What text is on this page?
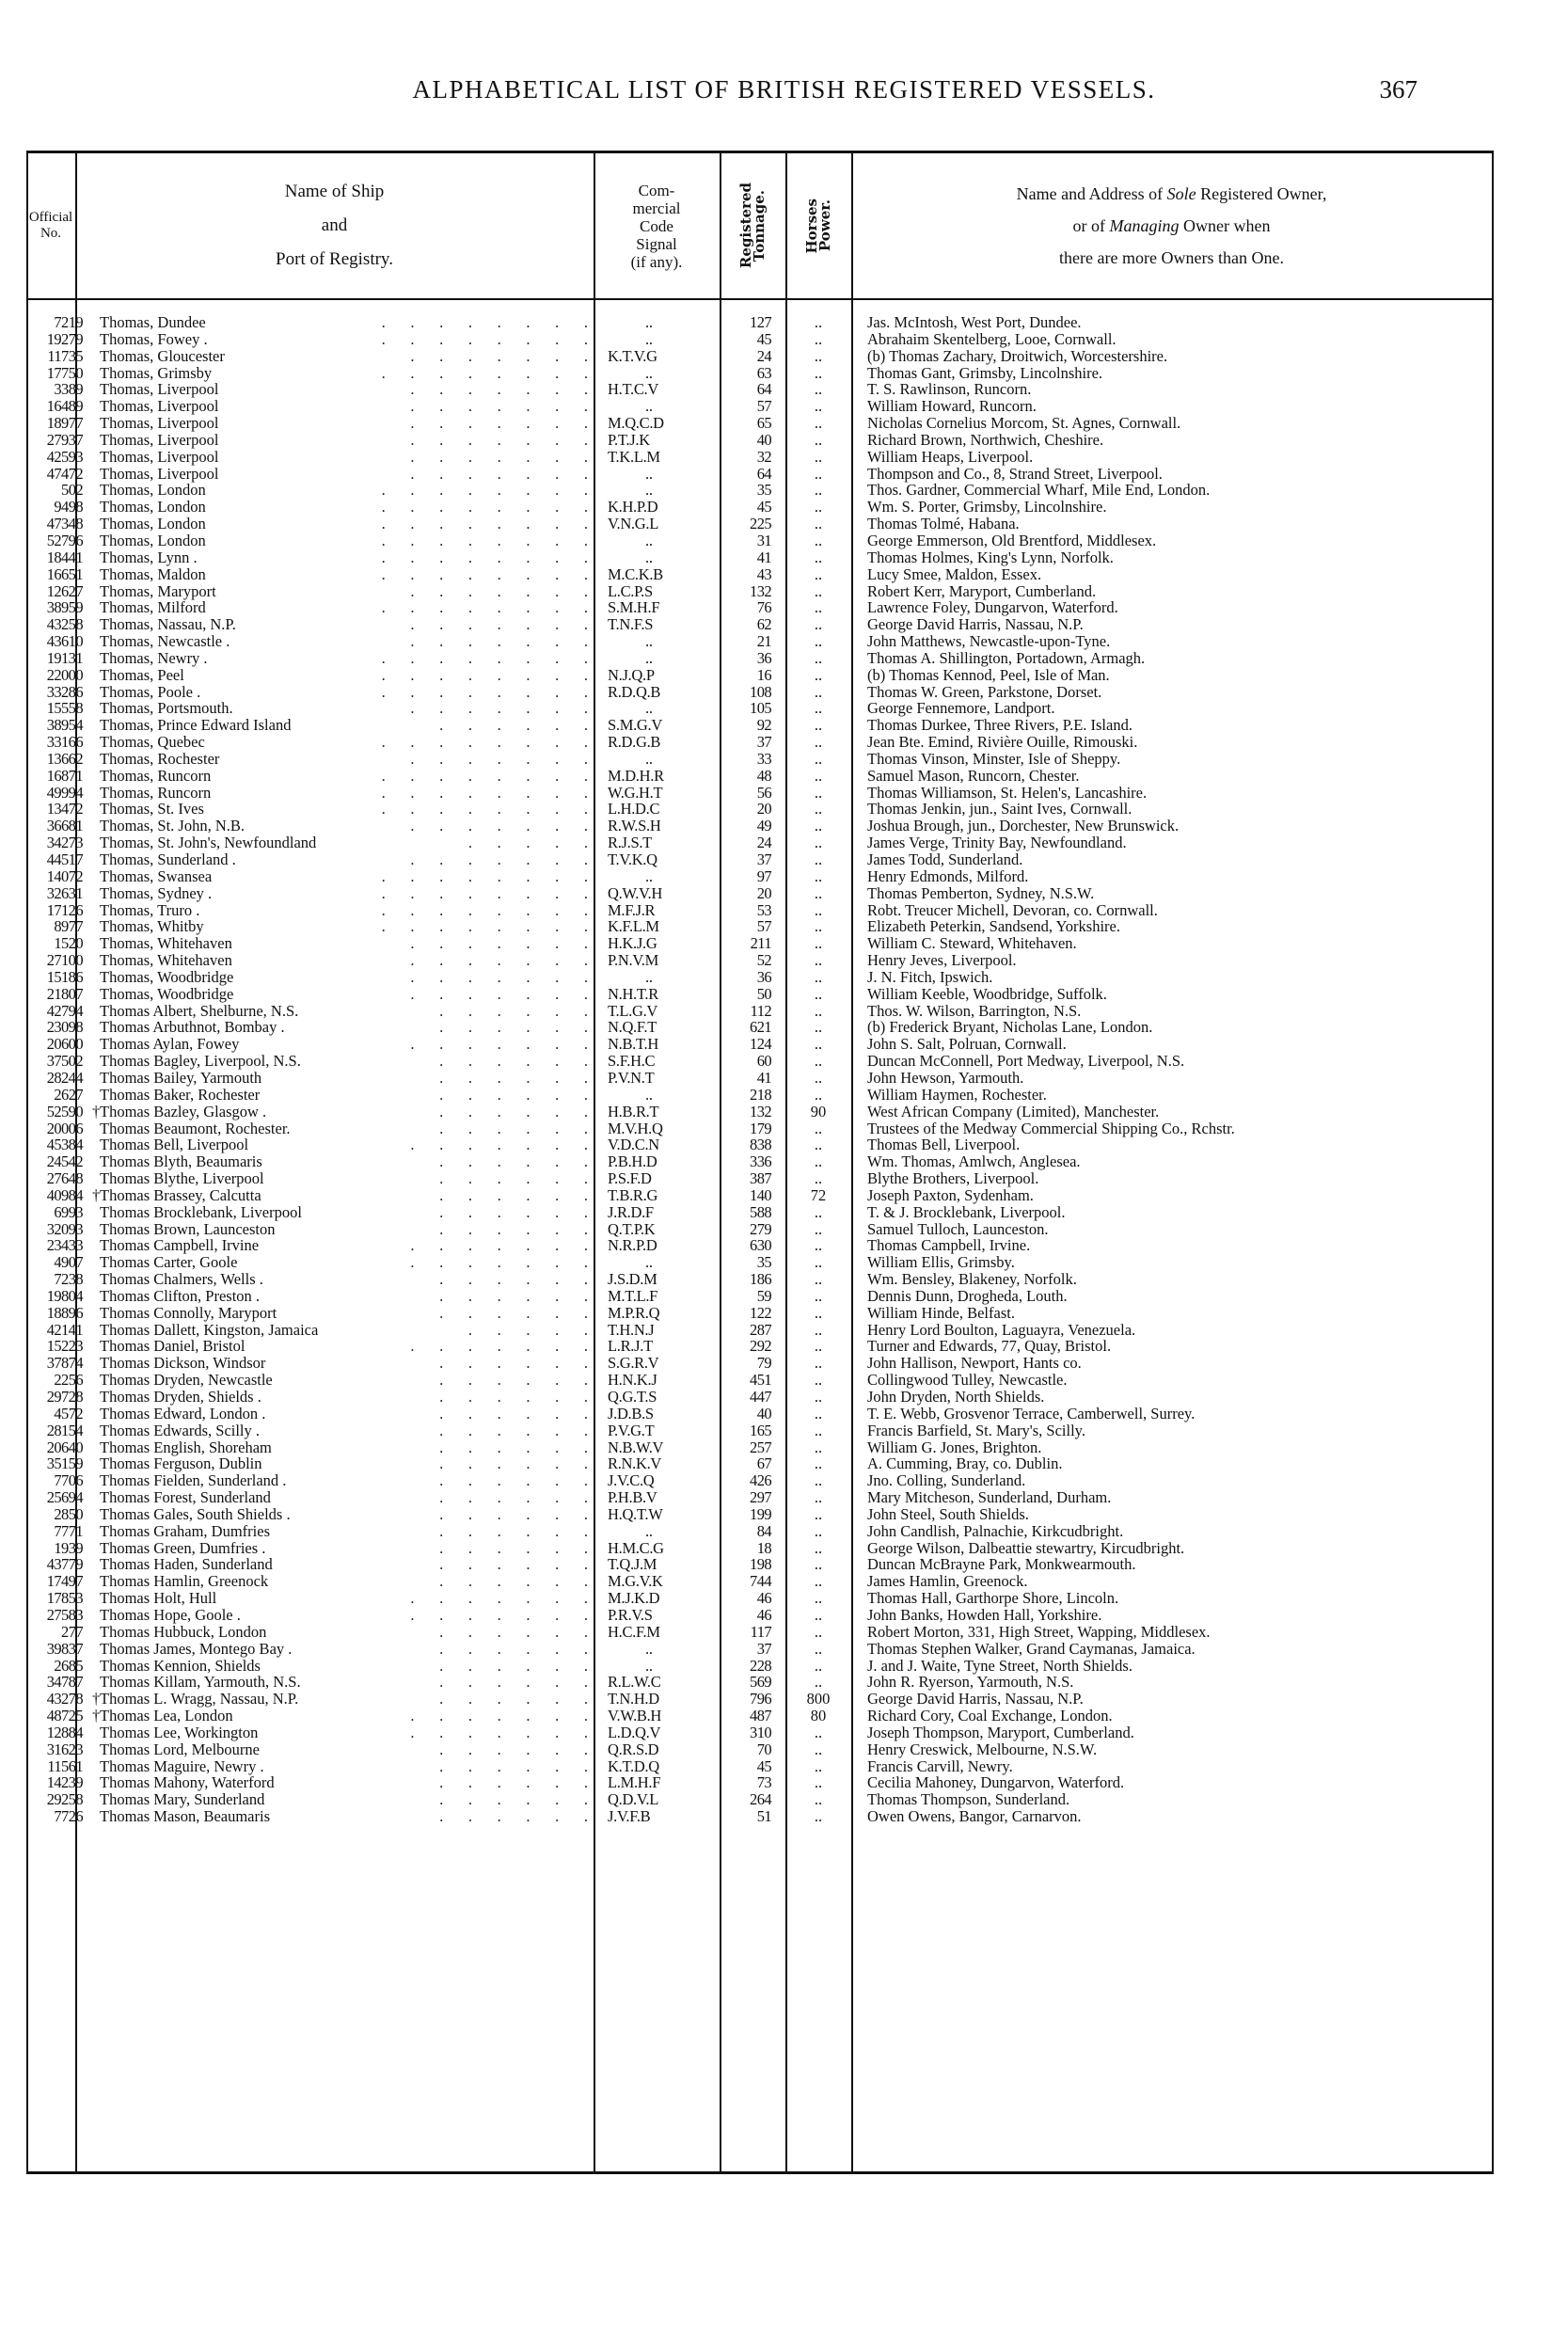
ALPHABETICAL LIST OF BRITISH REGISTERED VESSELS.	367
Official
No.
Name of Ship
and
Port of Registry.
Com-
mercial
Code
Signal
(if any).	Registered
Tonnage.	Horses
Power.
Name and Address of Sole Registered Owner,
or of Managing Owner when
there are more Owners than One.
7219 Thomas, Dundee	.     .     .     .     .     .     .     .	..	127	..	Jas. McIntosh, West Port, Dundee.
19279 Thomas, Fowey .	.     .     .     .     .     .     .     .	..	45	..	Abrahaim Skentelberg, Looe, Cornwall.
11735 Thomas, Gloucester	.     .     .     .     .     .     . K.T.V.G	24	..	(b) Thomas Zachary, Droitwich, Worcestershire.
17750 Thomas, Grimsby	.     .     .     .     .     .     .     .	..	63	..	Thomas Gant, Grimsby, Lincolnshire.
3389 Thomas, Liverpool	.     .     .     .     .     .     . H.T.C.V	64	..	T. S. Rawlinson, Runcorn.
16489 Thomas, Liverpool	.     .     .     .     .     .     .	..	57	..	William Howard, Runcorn.
18977 Thomas, Liverpool	.     .     .     .     .     .     . M.Q.C.D	65	..	Nicholas Cornelius Morcom, St. Agnes, Cornwall.
27937 Thomas, Liverpool	.     .     .     .     .     .     . P.T.J.K	40	..	Richard Brown, Northwich, Cheshire.
42593 Thomas, Liverpool	.     .     .     .     .     .     . T.K.L.M	32	..	William Heaps, Liverpool.
47472 Thomas, Liverpool	.     .     .     .     .     .     .	..	64	..	Thompson and Co., 8, Strand Street, Liverpool.
502 Thomas, London	.     .     .     .     .     .     .     .	..	35	..	Thos. Gardner, Commercial Wharf, Mile End, London.
9498 Thomas, London	.     .     .     .     .     .     .     . K.H.P.D	45	..	Wm. S. Porter, Grimsby, Lincolnshire.
47348 Thomas, London	.     .     .     .     .     .     .     . V.N.G.L	225	..	Thomas Tolmé, Habana.
52796 Thomas, London	.     .     .     .     .     .     .     .	..	31	..	George Emmerson, Old Brentford, Middlesex.
18441 Thomas, Lynn .	.     .     .     .     .     .     .     .	..	41	..	Thomas Holmes, King's Lynn, Norfolk.
16651 Thomas, Maldon	.     .     .     .     .     .     .     . M.C.K.B	43	..	Lucy Smee, Maldon, Essex.
12627 Thomas, Maryport	.     .     .     .     .     .     . L.C.P.S	132	..	Robert Kerr, Maryport, Cumberland.
38959 Thomas, Milford	.     .     .     .     .     .     .     . S.M.H.F	76	..	Lawrence Foley, Dungarvon, Waterford.
43258 Thomas, Nassau, N.P.	.     .     .     .     .     .     . T.N.F.S	62	..	George David Harris, Nassau, N.P.
43610 Thomas, Newcastle .	.     .     .     .     .     .     .	..	21	..	John Matthews, Newcastle-upon-Tyne.
19131 Thomas, Newry .	.     .     .     .     .     .     .     .	..	36	..	Thomas A. Shillington, Portadown, Armagh.
22000 Thomas, Peel	.     .     .     .     .     .     .     . N.J.Q.P	16	..	(b) Thomas Kennod, Peel, Isle of Man.
33286 Thomas, Poole .	.     .     .     .     .     .     .     . R.D.Q.B	108	..	Thomas W. Green, Parkstone, Dorset.
15558 Thomas, Portsmouth.	.     .     .     .     .     .     .	..	105	..	George Fennemore, Landport.
38954 Thomas, Prince Edward Island	.     .     .     .     .     . S.M.G.V	92	..	Thomas Durkee, Three Rivers, P.E. Island.
33166 Thomas, Quebec	.     .     .     .     .     .     .     . R.D.G.B	37	..	Jean Bte. Emind, Rivière Ouille, Rimouski.
13662 Thomas, Rochester	.     .     .     .     .     .     .	..	33	..	Thomas Vinson, Minster, Isle of Sheppy.
16871 Thomas, Runcorn	.     .     .     .     .     .     .     . M.D.H.R	48	..	Samuel Mason, Runcorn, Chester.
49994 Thomas, Runcorn	.     .     .     .     .     .     .     . W.G.H.T	56	..	Thomas Williamson, St. Helen's, Lancashire.
13472 Thomas, St. Ives	.     .     .     .     .     .     .     . L.H.D.C	20	..	Thomas Jenkin, jun., Saint Ives, Cornwall.
36681 Thomas, St. John, N.B.	.     .     .     .     .     .     . R.W.S.H	49	..	Joshua Brough, jun., Dorchester, New Brunswick.
34273 Thomas, St. John's, Newfoundland	.     .     .     .     . R.J.S.T	24	..	James Verge, Trinity Bay, Newfoundland.
44517 Thomas, Sunderland .	.     .     .     .     .     .     . T.V.K.Q	37	..	James Todd, Sunderland.
14072 Thomas, Swansea	.     .     .     .     .     .     .     .	..	97	..	Henry Edmonds, Milford.
32631 Thomas, Sydney .	.     .     .     .     .     .     .     . Q.W.V.H	20	..	Thomas Pemberton, Sydney, N.S.W.
17126 Thomas, Truro .	.     .     .     .     .     .     .     . M.F.J.R	53	..	Robt. Treucer Michell, Devoran, co. Cornwall.
8977 Thomas, Whitby	.     .     .     .     .     .     .     . K.F.L.M	57	..	Elizabeth Peterkin, Sandsend, Yorkshire.
1520 Thomas, Whitehaven	.     .     .     .     .     .     . H.K.J.G	211	..	William C. Steward, Whitehaven.
27100 Thomas, Whitehaven	.     .     .     .     .     .     . P.N.V.M	52	..	Henry Jeves, Liverpool.
15186 Thomas, Woodbridge	.     .     .     .     .     .     .	..	36	..	J. N. Fitch, Ipswich.
21807 Thomas, Woodbridge	.     .     .     .     .     .     . N.H.T.R	50	..	William Keeble, Woodbridge, Suffolk.
42794 Thomas Albert, Shelburne, N.S.	.     .     .     .     .     . T.L.G.V	112	..	Thos. W. Wilson, Barrington, N.S.
23098 Thomas Arbuthnot, Bombay .	.     .     .     .     .     . N.Q.F.T	621	..	(b) Frederick Bryant, Nicholas Lane, London.
20600 Thomas Aylan, Fowey	.     .     .     .     .     .     . N.B.T.H	124	..	John S. Salt, Polruan, Cornwall.
37502 Thomas Bagley, Liverpool, N.S.	.     .     .     .     .     . S.F.H.C	60	..	Duncan McConnell, Port Medway, Liverpool, N.S.
28244 Thomas Bailey, Yarmouth	.     .     .     .     .     . P.V.N.T	41	..	John Hewson, Yarmouth.
2627 Thomas Baker, Rochester	.     .     .     .     .     .	..	218	..	William Haymen, Rochester.
52590 † Thomas Bazley, Glasgow .	.     .     .     .     .     . H.B.R.T	132	90	West African Company (Limited), Manchester.
20006 Thomas Beaumont, Rochester.	.     .     .     .     .     . M.V.H.Q	179	..	Trustees of the Medway Commercial Shipping Co., Rchstr.
45384 Thomas Bell, Liverpool	.     .     .     .     .     .     . V.D.C.N	838	..	Thomas Bell, Liverpool.
24542 Thomas Blyth, Beaumaris	.     .     .     .     .     . P.B.H.D	336	..	Wm. Thomas, Amlwch, Anglesea.
27648 Thomas Blythe, Liverpool	.     .     .     .     .     . P.S.F.D	387	..	Blythe Brothers, Liverpool.
40984 † Thomas Brassey, Calcutta	.     .     .     .     .     . T.B.R.G	140	72	Joseph Paxton, Sydenham.
6993 Thomas Brocklebank, Liverpool	.     .     .     .     .     . J.R.D.F	588	..	T. & J. Brocklebank, Liverpool.
32093 Thomas Brown, Launceston	.     .     .     .     .     . Q.T.P.K	279	..	Samuel Tulloch, Launceston.
23433 Thomas Campbell, Irvine	.     .     .     .     .     .     . N.R.P.D	630	..	Thomas Campbell, Irvine.
4907 Thomas Carter, Goole	.     .     .     .     .     .     .	..	35	..	William Ellis, Grimsby.
7238 Thomas Chalmers, Wells .	.     .     .     .     .     . J.S.D.M	186	..	Wm. Bensley, Blakeney, Norfolk.
19804 Thomas Clifton, Preston .	.     .     .     .     .     . M.T.L.F	59	..	Dennis Dunn, Drogheda, Louth.
18896 Thomas Connolly, Maryport	.     .     .     .     .     . M.P.R.Q	122	..	William Hinde, Belfast.
42141 Thomas Dallett, Kingston, Jamaica	.     .     .     .     . T.H.N.J	287	..	Henry Lord Boulton, Laguayra, Venezuela.
15223 Thomas Daniel, Bristol	.     .     .     .     .     .     . L.R.J.T	292	..	Turner and Edwards, 77, Quay, Bristol.
37874 Thomas Dickson, Windsor	.     .     .     .     .     . S.G.R.V	79	..	John Hallison, Newport, Hants co.
2256 Thomas Dryden, Newcastle	.     .     .     .     .     . H.N.K.J	451	..	Collingwood Tulley, Newcastle.
29728 Thomas Dryden, Shields .	.     .     .     .     .     . Q.G.T.S	447	..	John Dryden, North Shields.
4572 Thomas Edward, London .	.     .     .     .     .     . J.D.B.S	40	..	T. E. Webb, Grosvenor Terrace, Camberwell, Surrey.
28154 Thomas Edwards, Scilly .	.     .     .     .     .     . P.V.G.T	165	..	Francis Barfield, St. Mary's, Scilly.
20640 Thomas English, Shoreham	.     .     .     .     .     . N.B.W.V	257	..	William G. Jones, Brighton.
35159 Thomas Ferguson, Dublin	.     .     .     .     .     . R.N.K.V	67	..	A. Cumming, Bray, co. Dublin.
7706 Thomas Fielden, Sunderland .	.     .     .     .     .     . J.V.C.Q	426	..	Jno. Colling, Sunderland.
25694 Thomas Forest, Sunderland	.     .     .     .     .     . P.H.B.V	297	..	Mary Mitcheson, Sunderland, Durham.
2850 Thomas Gales, South Shields .	.     .     .     .     .     . H.Q.T.W	199	..	John Steel, South Shields.
7771 Thomas Graham, Dumfries	.     .     .     .     .     .	..	84	..	John Candlish, Palnachie, Kirkcudbright.
1939 Thomas Green, Dumfries .	.     .     .     .     .     . H.M.C.G	18	..	George Wilson, Dalbeattie stewartry, Kircudbright.
43779 Thomas Haden, Sunderland	.     .     .     .     .     . T.Q.J.M	198	..	Duncan McBrayne Park, Monkwearmouth.
17497 Thomas Hamlin, Greenock	.     .     .     .     .     . M.G.V.K	744	..	James Hamlin, Greenock.
17853 Thomas Holt, Hull	.     .     .     .     .     .     . M.J.K.D	46	..	Thomas Hall, Garthorpe Shore, Lincoln.
27583 Thomas Hope, Goole .	.     .     .     .     .     .     . P.R.V.S	46	..	John Banks, Howden Hall, Yorkshire.
277 Thomas Hubbuck, London	.     .     .     .     .     . H.C.F.M	117	..	Robert Morton, 331, High Street, Wapping, Middlesex.
39837 Thomas James, Montego Bay .	.     .     .     .     .     .	..	37	..	Thomas Stephen Walker, Grand Caymanas, Jamaica.
2685 Thomas Kennion, Shields	.     .     .     .     .     .	..	228	..	J. and J. Waite, Tyne Street, North Shields.
34787 Thomas Killam, Yarmouth, N.S.	.     .     .     .     .     . R.L.W.C	569	..	John R. Ryerson, Yarmouth, N.S.
43278 † Thomas L. Wragg, Nassau, N.P.	.     .     .     .     .     . T.N.H.D	796	800	George David Harris, Nassau, N.P.
48725 † Thomas Lea, London	.     .     .     .     .     .     . V.W.B.H	487	80	Richard Cory, Coal Exchange, London.
12884 Thomas Lee, Workington	.     .     .     .     .     .     . L.D.Q.V	310	..	Joseph Thompson, Maryport, Cumberland.
31623 Thomas Lord, Melbourne	.     .     .     .     .     . Q.R.S.D	70	..	Henry Creswick, Melbourne, N.S.W.
11561 Thomas Maguire, Newry .	.     .     .     .     .     . K.T.D.Q	45	..	Francis Carvill, Newry.
14239 Thomas Mahony, Waterford	.     .     .     .     .     . L.M.H.F	73	..	Cecilia Mahoney, Dungarvon, Waterford.
29258 Thomas Mary, Sunderland	.     .     .     .     .     . Q.D.V.L	264	..	Thomas Thompson, Sunderland.
7726 Thomas Mason, Beaumaris	.     .     .     .     .     . J.V.F.B	51	..	Owen Owens, Bangor, Carnarvon.
